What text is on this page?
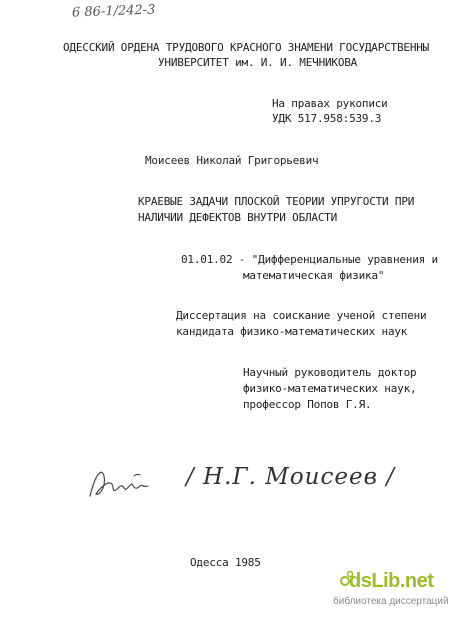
6 86-1/242-3
ОДЕССКИЙ ОРДЕНА ТРУДОВОГО КРАСНОГО ЗНАМЕНИ ГОСУДАРСТВЕННЫ
УНИВЕРСИТЕТ им. И. И. МЕЧНИКОВА
На правах рукописи
УДК 517.958:539.3
Моисеев Николай Григорьевич
КРАЕВЫЕ ЗАДАЧИ ПЛОСКОЙ ТЕОРИИ УПРУГОСТИ ПРИ
НАЛИЧИИ ДЕФЕКТОВ ВНУТРИ ОБЛАСТИ
01.01.02 - "Дифференциальные уравнения и
математическая физика"
Диссертация на соискание ученой степени
кандидата физико-математических наук
Научный руководитель доктор
физико-математических наук,
профессор Попов Г.Я.
/ Н.Г. Моисеев /
Одесса 1985
dsLib.net
библиотека диссертаций
